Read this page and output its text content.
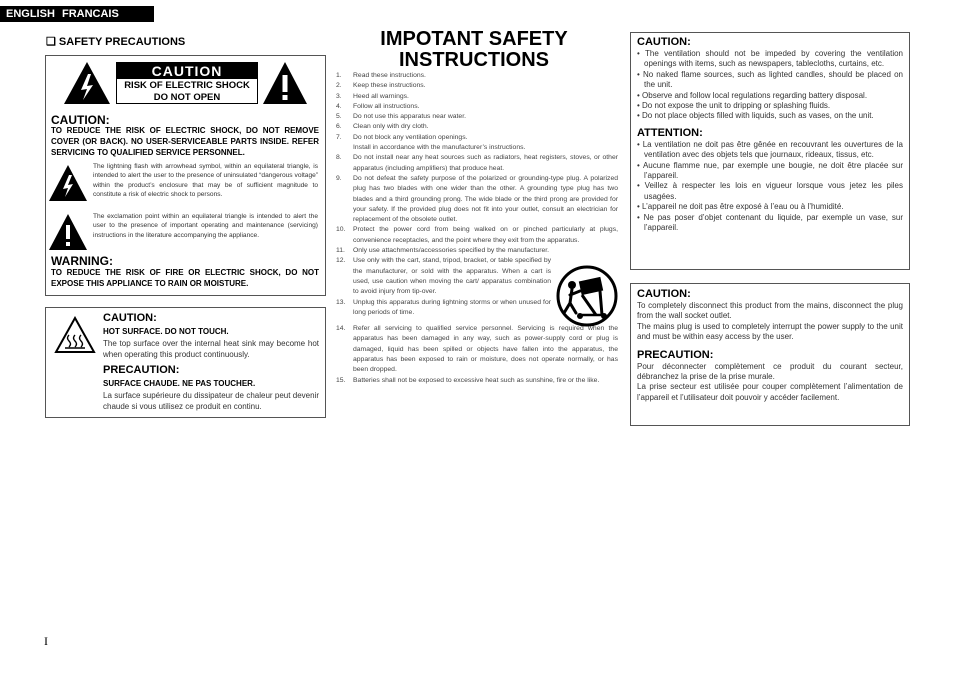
ENGLISH FRANCAIS
❑ SAFETY PRECAUTIONS
CAUTION
RISK OF ELECTRIC SHOCK
DO NOT OPEN
CAUTION:
TO REDUCE THE RISK OF ELECTRIC SHOCK, DO NOT REMOVE COVER (OR BACK). NO USER-SERVICEABLE PARTS INSIDE. REFER SERVICING TO QUALIFIED SERVICE PERSONNEL.
The lightning flash with arrowhead symbol, within an equilateral triangle, is intended to alert the user to the presence of uninsulated “dangerous voltage” within the product’s enclosure that may be of sufficient magnitude to constitute a risk of electric shock to persons.
The exclamation point within an equilateral triangle is intended to alert the user to the presence of important operating and maintenance (servicing) instructions in the literature accompanying the appliance.
WARNING:
TO REDUCE THE RISK OF FIRE OR ELECTRIC SHOCK, DO NOT EXPOSE THIS APPLIANCE TO RAIN OR MOISTURE.
CAUTION:
HOT SURFACE. DO NOT TOUCH.
The top surface over the internal heat sink may become hot when operating this product continuously.
PRECAUTION:
SURFACE CHAUDE. NE PAS TOUCHER.
La surface supérieure du dissipateur de chaleur peut devenir chaude si vous utilisez ce produit en continu.
IMPOTANT SAFETY
INSTRUCTIONS
1. Read these instructions.
2. Keep these instructions.
3. Heed all warnings.
4. Follow all instructions.
5. Do not use this apparatus near water.
6. Clean only with dry cloth.
7. Do not block any ventilation openings.
Install in accordance with the manufacturer’s instructions.
8. Do not install near any heat sources such as radiators, heat registers, stoves, or other apparatus (including amplifiers) that produce heat.
9. Do not defeat the safety purpose of the polarized or grounding-type plug. A polarized plug has two blades with one wider than the other. A grounding type plug has two blades and a third grounding prong. The wide blade or the third prong are provided for your safety. If the provided plug does not fit into your outlet, consult an electrician for replacement of the obsolete outlet.
10. Protect the power cord from being walked on or pinched particularly at plugs, convenience receptacles, and the point where they exit from the apparatus.
11. Only use attachments/accessories specified by the manufacturer.
12. Use only with the cart, stand, tripod, bracket, or table specified by the manufacturer, or sold with the apparatus. When a cart is used, use caution when moving the cart/ apparatus combination to avoid injury from tip-over.
13. Unplug this apparatus during lightning storms or when unused for long periods of time.
14. Refer all servicing to qualified service personnel. Servicing is required when the apparatus has been damaged in any way, such as power-supply cord or plug is damaged, liquid has been spilled or objects have fallen into the apparatus, the apparatus has been exposed to rain or moisture, does not operate normally, or has been dropped.
15. Batteries shall not be exposed to excessive heat such as sunshine, fire or the like.
CAUTION:

• The ventilation should not be impeded by covering the ventilation openings with items, such as newspapers, tablecloths, curtains, etc.

• No naked flame sources, such as lighted candles, should be placed on the unit.

• Observe and follow local regulations regarding battery disposal.

• Do not expose the unit to dripping or splashing fluids.

• Do not place objects filled with liquids, such as vases, on the unit.

ATTENTION:

• La ventilation ne doit pas être gênée en recouvrant les ouvertures de la ventilation avec des objets tels que journaux, rideaux, tissus, etc.

• Aucune flamme nue, par exemple une bougie, ne doit être placée sur l’appareil.

• Veillez à respecter les lois en vigueur lorsque vous jetez les piles usagées.

• L’appareil ne doit pas être exposé à l’eau ou à l’humidité.

• Ne pas poser d’objet contenant du liquide, par exemple un vase, sur l’appareil.

CAUTION:

To completely disconnect this product from the mains, disconnect the plug from the wall socket outlet.

The mains plug is used to completely interrupt the power supply to the unit and must be within easy access by the user.

PRECAUTION:

Pour déconnecter complètement ce produit du courant secteur, débranchez la prise de la prise murale.

La prise secteur est utilisée pour couper complètement l’alimentation de l’appareil et l’utilisateur doit pouvoir y accéder facilement.

I
